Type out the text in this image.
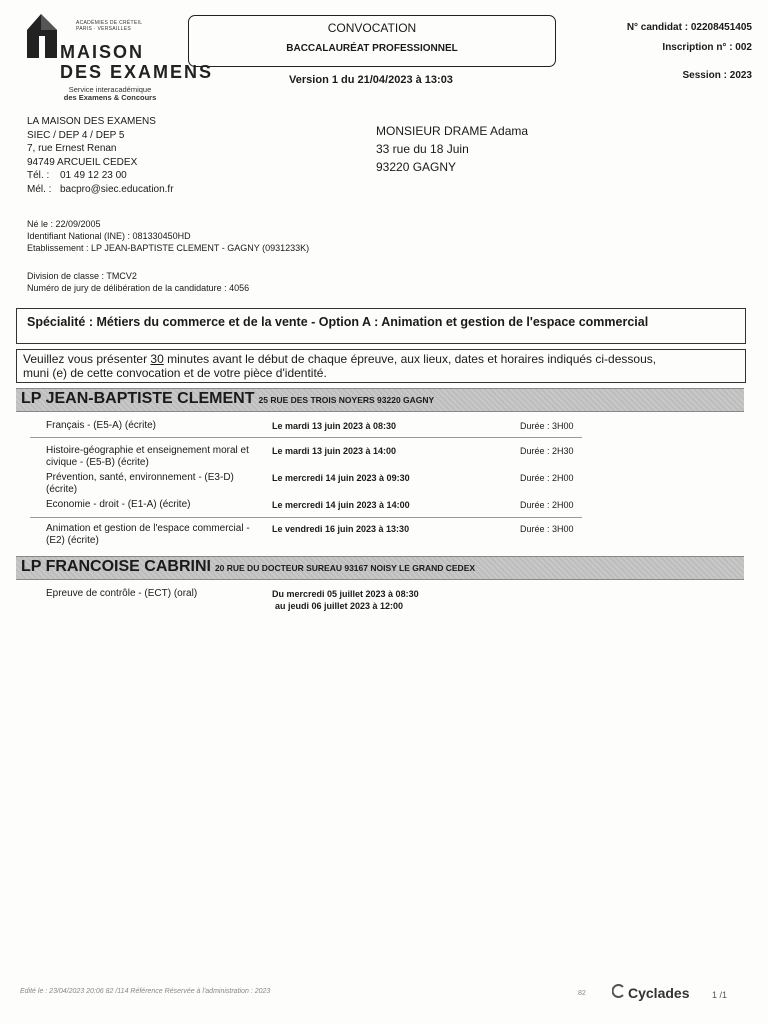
ACADÉMIES DE CRÉTEIL
PARIS · VERSAILLES
MAISON
DES EXAMENS
Service interacadémique
des Examens & Concours
CONVOCATION
BACCALAURÉAT PROFESSIONNEL
Version 1 du 21/04/2023 à 13:03
N° candidat : 02208451405
Inscription n° : 002
Session : 2023
LA MAISON DES EXAMENS
SIEC / DEP 4 / DEP 5
7, rue Ernest Renan
94749 ARCUEIL CEDEX
Tél. : 01 49 12 23 00
Mél. : bacpro@siec.education.fr
MONSIEUR DRAME Adama
33 rue du 18 Juin
93220 GAGNY
Né le : 22/09/2005
Identifiant National (INE) : 081330450HD
Etablissement : LP JEAN-BAPTISTE CLEMENT - GAGNY (0931233K)
Division de classe : TMCV2
Numéro de jury de délibération de la candidature : 4056
Spécialité : Métiers du commerce et de la vente - Option A : Animation et gestion de l'espace commercial
Veuillez vous présenter 30 minutes avant le début de chaque épreuve, aux lieux, dates et horaires indiqués ci-dessous,
muni (e) de cette convocation et de votre pièce d'identité.
LP JEAN-BAPTISTE CLEMENT 25 RUE DES TROIS NOYERS 93220 GAGNY
Français - (E5-A) (écrite)	Le mardi 13 juin 2023 à 08:30	Durée : 3H00
Histoire-géographie et enseignement moral et civique - (E5-B) (écrite)
Le mardi 13 juin 2023 à 14:00	Durée : 2H30
Prévention, santé, environnement - (E3-D) (écrite)
Le mercredi 14 juin 2023 à 09:30	Durée : 2H00
Economie - droit - (E1-A) (écrite)	Le mercredi 14 juin 2023 à 14:00	Durée : 2H00
Animation et gestion de l'espace commercial - (E2) (écrite)
Le vendredi 16 juin 2023 à 13:30	Durée : 3H00
LP FRANCOISE CABRINI 20 RUE DU DOCTEUR SUREAU 93167 NOISY LE GRAND CEDEX
Epreuve de contrôle - (ECT) (oral)	Du mercredi 05 juillet 2023 à 08:30
au jeudi 06 juillet 2023 à 12:00
Edité le : 23/04/2023 20:06 82 /114 Référence Réservée à l'administration : 2023	82	Cyclades	1 /1
